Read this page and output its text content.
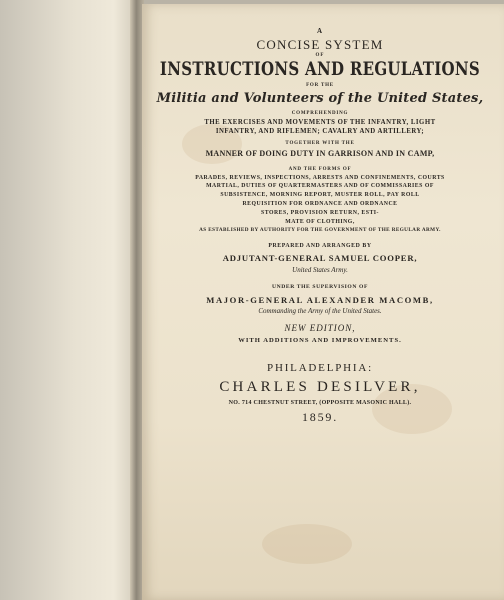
A
CONCISE SYSTEM
OF
INSTRUCTIONS AND REGULATIONS
FOR THE
Militia and Volunteers of the United States,
COMPREHENDING
THE EXERCISES AND MOVEMENTS OF THE INFANTRY, LIGHT
INFANTRY, AND RIFLEMEN; CAVALRY AND ARTILLERY;
TOGETHER WITH THE
MANNER OF DOING DUTY IN GARRISON AND IN CAMP,
AND THE FORMS OF
PARADES, REVIEWS, INSPECTIONS, ARRESTS AND CONFINEMENTS, COURTS
MARTIAL, DUTIES OF QUARTERMASTERS AND OF COMMISSARIES OF
SUBSISTENCE, MORNING REPORT, MUSTER ROLL, PAY ROLL
REQUISITION FOR ORDNANCE AND ORDNANCE
STORES, PROVISION RETURN, ESTI-
MATE OF CLOTHING,
AS ESTABLISHED BY AUTHORITY FOR THE GOVERNMENT OF THE REGULAR ARMY.
PREPARED AND ARRANGED BY
ADJUTANT-GENERAL SAMUEL COOPER,
United States Army.
UNDER THE SUPERVISION OF
MAJOR-GENERAL ALEXANDER MACOMB,
Commanding the Army of the United States.
NEW EDITION,
WITH ADDITIONS AND IMPROVEMENTS.
PHILADELPHIA:
CHARLES DESILVER,
NO. 714 CHESTNUT STREET, (OPPOSITE MASONIC HALL).
1859.
